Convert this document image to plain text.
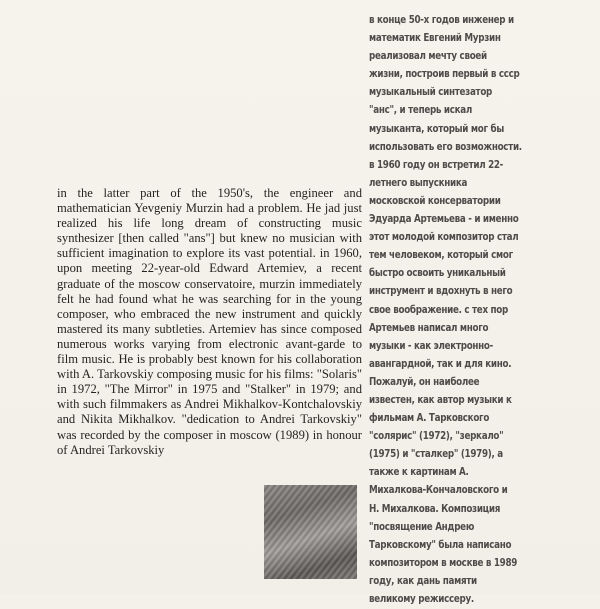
in the latter part of the 1950's, the engineer and mathematician Yevgeniy Murzin had a problem. He jad just realized his life long dream of constructing music synthesizer [then called "ans"] but knew no musician with sufficient imagination to explore its vast potential. in 1960, upon meeting 22-year-old Edward Artemiev, a recent graduate of the moscow conservatoire, murzin immediately felt he had found what he was searching for in the young composer, who embraced the new instrument and quickly mastered its many subtleties. Artemiev has since composed numerous works varying from electronic avant-garde to film music. He is probably best known for his collaboration with A. Tarkovskiy composing music for his films: "Solaris" in 1972, "The Mirror" in 1975 and "Stalker" in 1979; and with such filmmakers as Andrei Mikhalkov-Kontchalovskiy and Nikita Mikhalkov. "dedication to Andrei Tarkovskiy" was recorded by the composer in moscow (1989) in honour of Andrei Tarkovskiy

в конце 50-х годов инженер и
математик Евгений Мурзин
реализовал мечту своей
жизни, построив первый в ссср
музыкальный синтезатор
"анс", и теперь искал
музыканта, который мог бы
использовать его возможности.
в 1960 году он встретил 22-
летнего выпускника
московской консерватории
Эдуарда Артемьева - и именно
этот молодой композитор стал
тем человеком, который смог
быстро освоить уникальный
инструмент и вдохнуть в него
свое воображение. с тех пор
Артемьев написал много
музыки - как электронно-
авангардной, так и для кино.
Пожалуй, он наиболее
известен, как автор музыки к
фильмам А. Тарковского
"солярис" (1972), "зеркало"
(1975) и "сталкер" (1979), а
также к картинам А.
Михалкова-Кончаловского и
Н. Михалкова. Композиция
"посвящение Андрею
Тарковскому" была написано
композитором в москве в 1989
году, как дань памяти
великому режиссеру.
